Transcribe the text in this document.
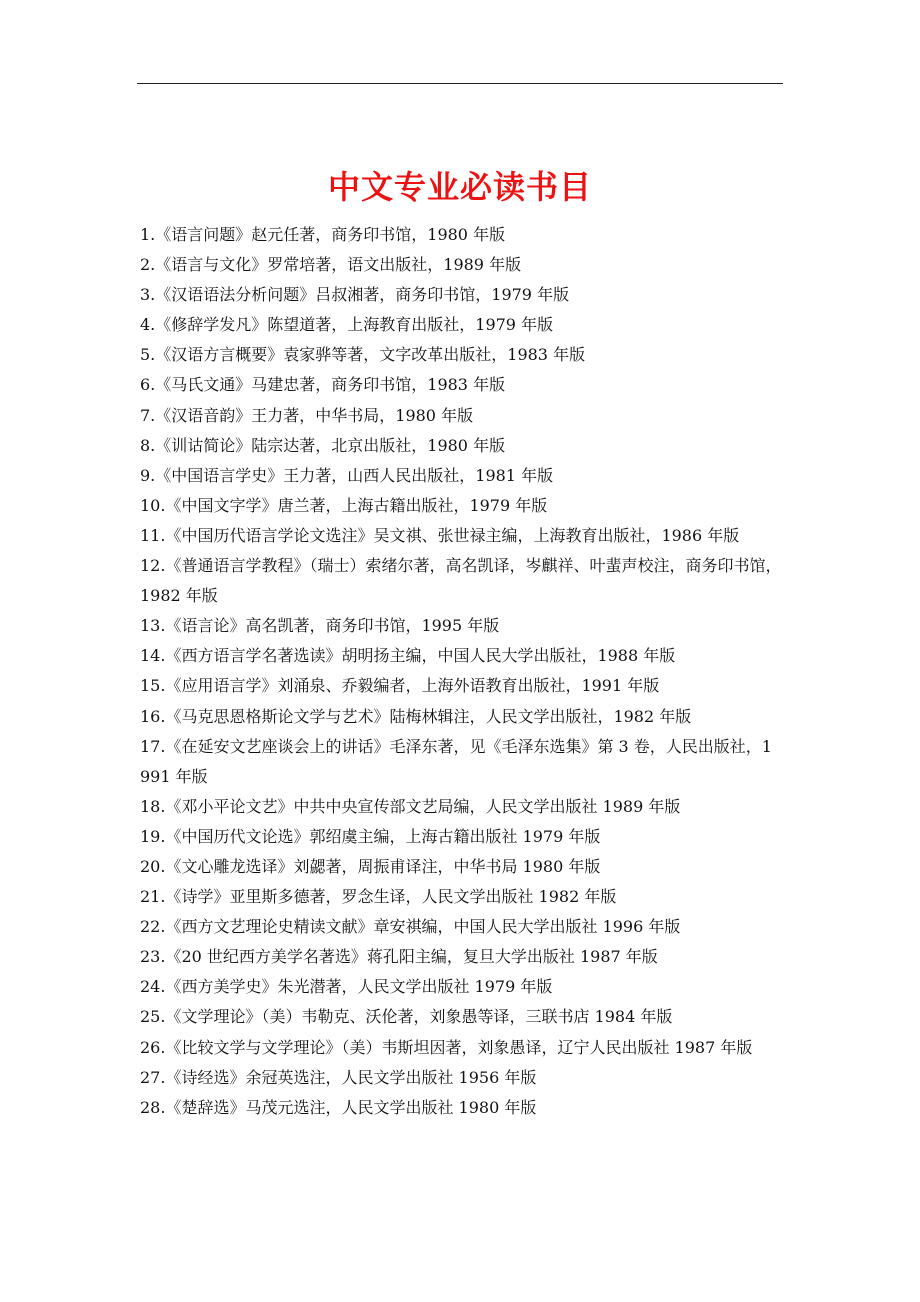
中文专业必读书目
1.《语言问题》赵元任著，商务印书馆，1980 年版
2.《语言与文化》罗常培著，语文出版社，1989 年版
3.《汉语语法分析问题》吕叔湘著，商务印书馆，1979 年版
4.《修辞学发凡》陈望道著，上海教育出版社，1979 年版
5.《汉语方言概要》袁家骅等著，文字改革出版社，1983 年版
6.《马氏文通》马建忠著，商务印书馆，1983 年版
7.《汉语音韵》王力著，中华书局，1980 年版
8.《训诂简论》陆宗达著，北京出版社，1980 年版
9.《中国语言学史》王力著，山西人民出版社，1981 年版
10.《中国文字学》唐兰著，上海古籍出版社，1979 年版
11.《中国历代语言学论文选注》吴文祺、张世禄主编，上海教育出版社，1986 年版
12.《普通语言学教程》（瑞士）索绪尔著，高名凯译，岑麒祥、叶蜚声校注，商务印书馆，1982 年版
13.《语言论》高名凯著，商务印书馆，1995 年版
14.《西方语言学名著选读》胡明扬主编，中国人民大学出版社，1988 年版
15.《应用语言学》刘涌泉、乔毅编者，上海外语教育出版社，1991 年版
16.《马克思恩格斯论文学与艺术》陆梅林辑注，人民文学出版社，1982 年版
17.《在延安文艺座谈会上的讲话》毛泽东著，见《毛泽东选集》第 3 卷，人民出版社，1991 年版
18.《邓小平论文艺》中共中央宣传部文艺局编，人民文学出版社 1989 年版
19.《中国历代文论选》郭绍虞主编，上海古籍出版社 1979 年版
20.《文心雕龙选译》刘勰著，周振甫译注，中华书局 1980 年版
21.《诗学》亚里斯多德著，罗念生译，人民文学出版社 1982 年版
22.《西方文艺理论史精读文献》章安祺编，中国人民大学出版社 1996 年版
23.《20 世纪西方美学名著选》蒋孔阳主编，复旦大学出版社 1987 年版
24.《西方美学史》朱光潜著，人民文学出版社 1979 年版
25.《文学理论》（美）韦勒克、沃伦著，刘象愚等译，三联书店 1984 年版
26.《比较文学与文学理论》（美）韦斯坦因著，刘象愚译，辽宁人民出版社 1987 年版
27.《诗经选》余冠英选注，人民文学出版社 1956 年版
28.《楚辞选》马茂元选注，人民文学出版社 1980 年版
